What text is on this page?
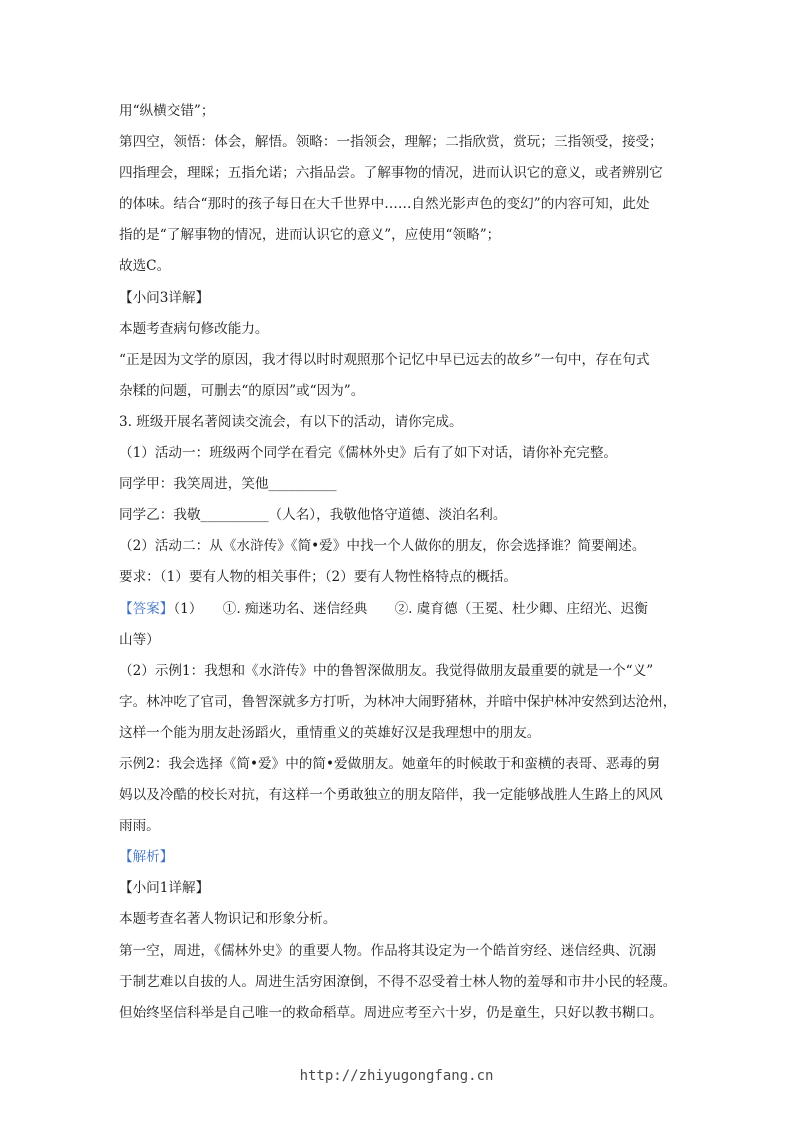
用“纵横交错”；
第四空，领悟：体会，解悟。领略：一指领会，理解；二指欣赏，赏玩；三指领受，接受；
四指理会，理睬；五指允诺；六指品尝。了解事物的情况，进而认识它的意义，或者辨别它
的体味。结合“那时的孩子每日在大千世界中……自然光影声色的变幻”的内容可知，此处
指的是“了解事物的情况，进而认识它的意义”，应使用“领略”；
故选C。
【小问3详解】
本题考查病句修改能力。
“正是因为文学的原因，我才得以时时观照那个记忆中早已远去的故乡”一句中，存在句式
杂糅的问题，可删去“的原因”或“因为”。
3. 班级开展名著阅读交流会，有以下的活动，请你完成。
（1）活动一：班级两个同学在看完《儒林外史》后有了如下对话，请你补充完整。
同学甲：我笑周进，笑他__________
同学乙：我敬__________（人名），我敬他恪守道德、淡泊名利。
（2）活动二：从《水浒传》《简•爱》中找一个人做你的朋友，你会选择谁？简要阐述。
要求：（1）要有人物的相关事件；（2）要有人物性格特点的概括。
【答案】（1）　　①. 痴迷功名、迷信经典　　②. 虞育德（王冕、杜少卿、庄绍光、迟衡
山等）
（2）示例1：我想和《水浒传》中的鲁智深做朋友。我觉得做朋友最重要的就是一个“义”
字。林冲吃了官司，鲁智深就多方打听，为林冲大闹野猪林，并暗中保护林冲安然到达沧州，
这样一个能为朋友赴汤蹈火，重情重义的英雄好汉是我理想中的朋友。
示例2：我会选择《简•爱》中的简•爱做朋友。她童年的时候敢于和蛮横的表哥、恶毒的舅
妈以及冷酷的校长对抗，有这样一个勇敢独立的朋友陪伴，我一定能够战胜人生路上的风风
雨雨。
【解析】
【小问1详解】
本题考查名著人物识记和形象分析。
第一空，周进，《儒林外史》的重要人物。作品将其设定为一个皓首穷经、迷信经典、沉溺
于制艺难以自拔的人。周进生活穷困潦倒，不得不忍受着士林人物的羞辱和市井小民的轻蔑。
但始终坚信科举是自己唯一的救命稻草。周进应考至六十岁，仍是童生，只好以教书糊口。
http://zhiyugongfang.cn
